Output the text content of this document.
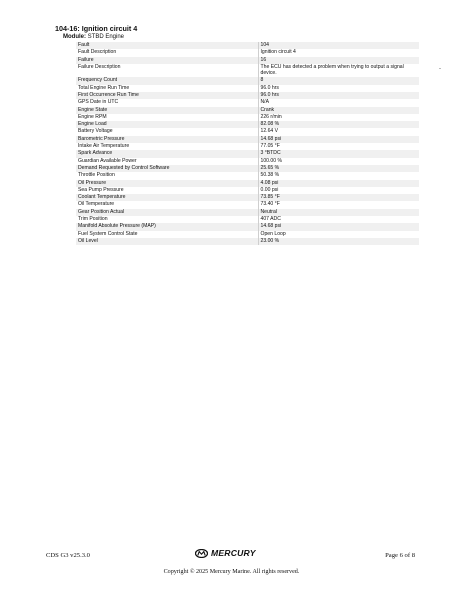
104-16: Ignition circuit 4
Module: STBD Engine
Fault	104
Fault Description	Ignition circuit 4
Failure	16
Failure Description	The ECU has detected a problem when trying to output a signal device.
Frequency Count	8
Total Engine Run Time	96.0 hrs
First Occurrence Run Time	96.0 hrs
GPS Date in UTC	N/A
Engine State	Crank
Engine RPM	226 r/min
Engine Load	82.08 %
Battery Voltage	12.64 V
Barometric Pressure	14.68 psi
Intake Air Temperature	77.05 °F
Spark Advance	3 °BTDC
Guardian Available Power	100.00 %
Demand Requested by Control Software	25.65 %
Throttle Position	50.38 %
Oil Pressure	4.08 psi
Sea Pump Pressure	0.00 psi
Coolant Temperature	73.85 °F
Oil Temperature	73.40 °F
Gear Position Actual	Neutral
Trim Position	407 ADC
Manifold Absolute Pressure (MAP)	14.68 psi
Fuel System Control State	Open Loop
Oil Level	23.00 %
CDS G3 v25.3.0	MERCURY	Page 6 of 8
Copyright © 2025 Mercury Marine. All rights reserved.
